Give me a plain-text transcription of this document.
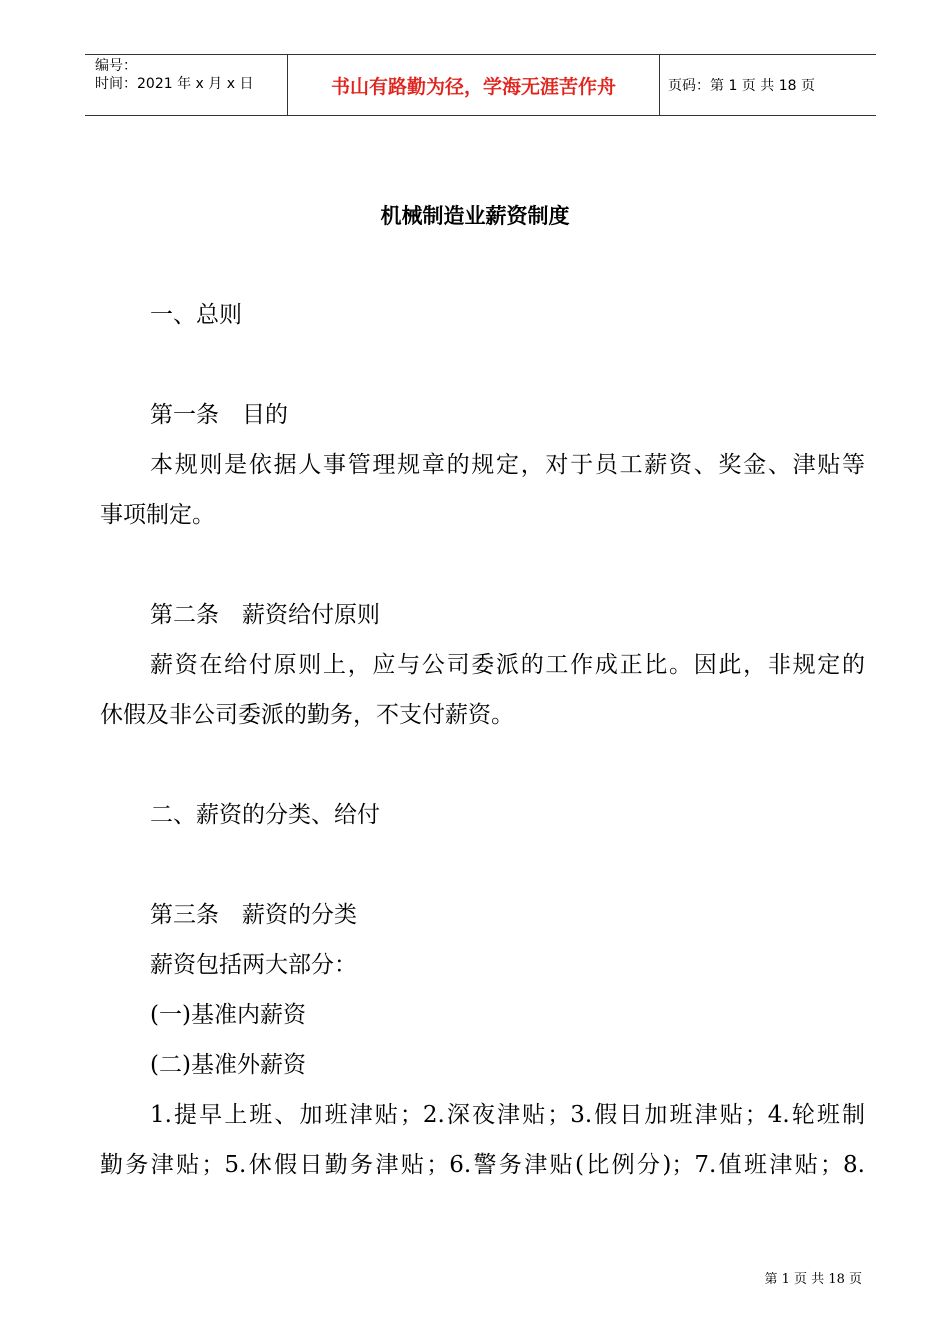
编号：
时间：2021 年 x 月 x 日	书山有路勤为径，学海无涯苦作舟	页码：第 1 页 共 18 页
机械制造业薪资制度
一、总则
第一条　目的
本规则是依据人事管理规章的规定，对于员工薪资、奖金、津贴等
事项制定。
第二条　薪资给付原则
薪资在给付原则上，应与公司委派的工作成正比。因此，非规定的
休假及非公司委派的勤务，不支付薪资。
二、薪资的分类、给付
第三条　薪资的分类
薪资包括两大部分：
(一)基准内薪资
(二)基准外薪资
1.提早上班、加班津贴；2.深夜津贴；3.假日加班津贴；4.轮班制
勤务津贴；5.休假日勤务津贴；6.警务津贴(比例分)；7.值班津贴；8.
第 1 页 共 18 页
